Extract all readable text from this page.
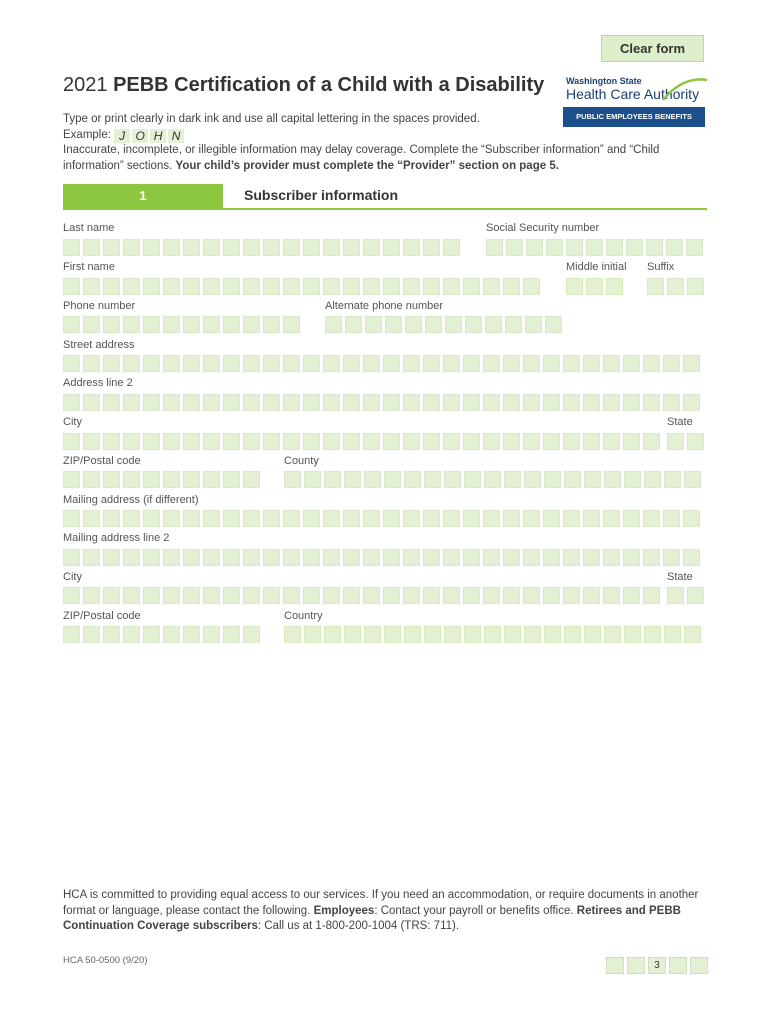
Clear form
2021 PEBB Certification of a Child with a Disability Washington State
Health Care Authority
PUBLIC EMPLOYEES BENEFITS BOARD
Type or print clearly in dark ink and use all capital lettering in the spaces provided.
Example: J O H N
Inaccurate, incomplete, or illegible information may delay coverage. Complete the “Subscriber information” and “Child information” sections. Your child’s provider must complete the “Provider” section on page 5.
1	Subscriber information
Last name	Social Security number
First name	Middle initial Suffix
Phone number	Alternate phone number
Street address
Address line 2
City	State
ZIP/Postal code	County
Mailing address (if different)
Mailing address line 2
City	State
ZIP/Postal code	Country
HCA is committed to providing equal access to our services. If you need an accommodation, or require documents in another format or language, please contact the following. Employees: Contact your payroll or benefits office. Retirees and PEBB Continuation Coverage subscribers: Call us at 1-800-200-1004 (TRS: 711).
HCA 50-0500 (9/20)	3
